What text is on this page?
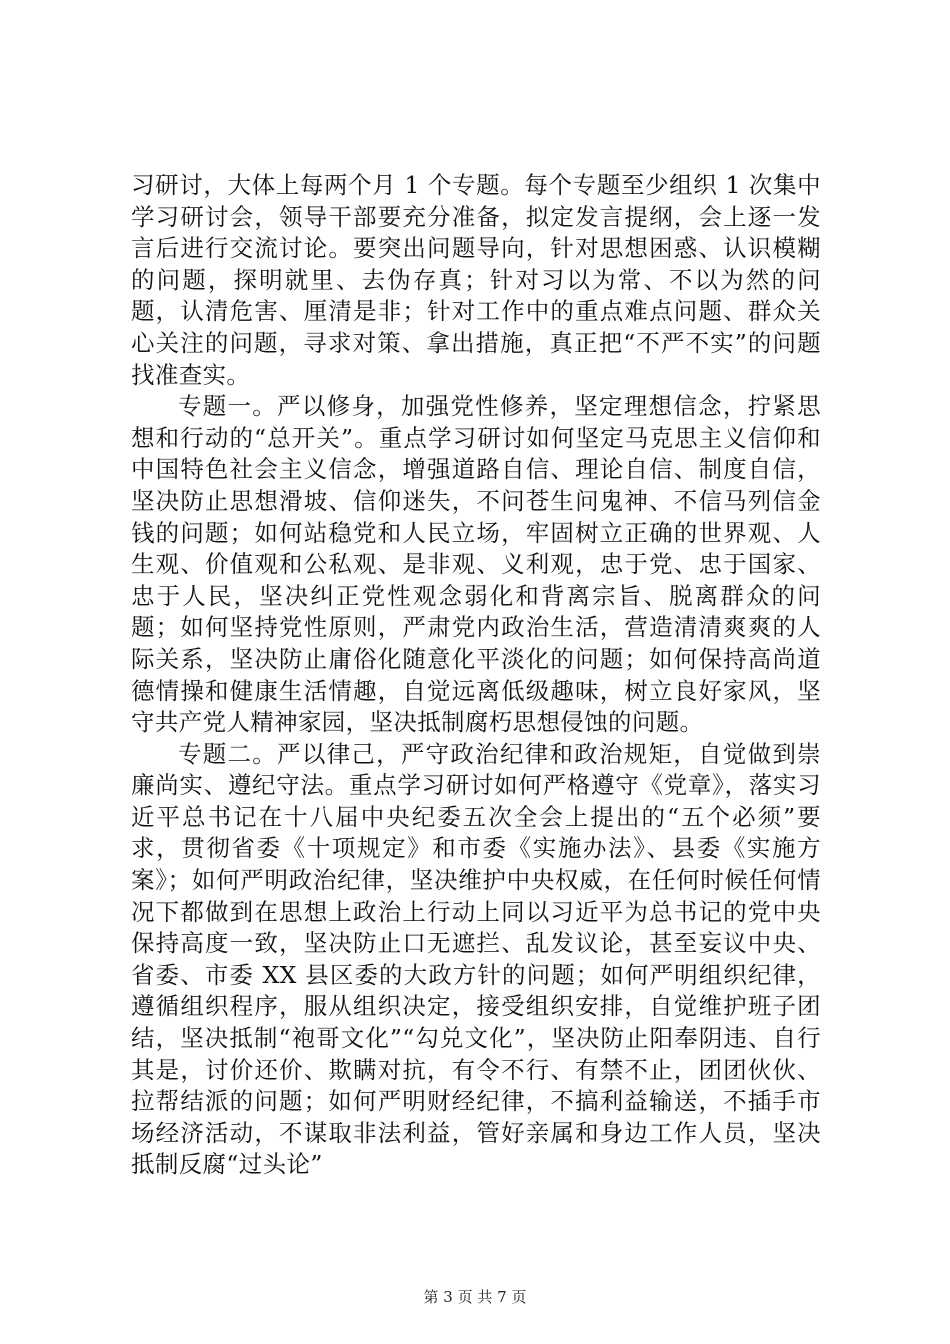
习研讨，大体上每两个月 1 个专题。每个专题至少组织 1 次集中学习研讨会，领导干部要充分准备，拟定发言提纲，会上逐一发言后进行交流讨论。要突出问题导向，针对思想困惑、认识模糊的问题，探明就里、去伪存真；针对习以为常、不以为然的问题，认清危害、厘清是非；针对工作中的重点难点问题、群众关心关注的问题，寻求对策、拿出措施，真正把“不严不实”的问题找准查实。

专题一。严以修身，加强党性修养，坚定理想信念，拧紧思想和行动的“总开关”。重点学习研讨如何坚定马克思主义信仰和中国特色社会主义信念，增强道路自信、理论自信、制度自信，坚决防止思想滑坡、信仰迷失，不问苍生问鬼神、不信马列信金钱的问题；如何站稳党和人民立场，牢固树立正确的世界观、人生观、价值观和公私观、是非观、义利观，忠于党、忠于国家、忠于人民，坚决纠正党性观念弱化和背离宗旨、脱离群众的问题；如何坚持党性原则，严肃党内政治生活，营造清清爽爽的人际关系，坚决防止庸俗化随意化平淡化的问题；如何保持高尚道德情操和健康生活情趣，自觉远离低级趣味，树立良好家风，坚守共产党人精神家园，坚决抵制腐朽思想侵蚀的问题。

专题二。严以律己，严守政治纪律和政治规矩，自觉做到崇廉尚实、遵纪守法。重点学习研讨如何严格遵守《党章》，落实习近平总书记在十八届中央纪委五次全会上提出的“五个必须”要求，贯彻省委《十项规定》和市委《实施办法》、县委《实施方案》；如何严明政治纪律，坚决维护中央权威，在任何时候任何情况下都做到在思想上政治上行动上同以习近平为总书记的党中央保持高度一致，坚决防止口无遮拦、乱发议论，甚至妄议中央、省委、市委 XX 县区委的大政方针的问题；如何严明组织纪律，遵循组织程序，服从组织决定，接受组织安排，自觉维护班子团结，坚决抵制“袍哥文化”“勾兑文化”，坚决防止阳奉阴违、自行其是，讨价还价、欺瞒对抗，有令不行、有禁不止，团团伙伙、拉帮结派的问题；如何严明财经纪律，不搞利益输送，不插手市场经济活动，不谋取非法利益，管好亲属和身边工作人员，坚决抵制反腐“过头论”

第 3 页 共 7 页
